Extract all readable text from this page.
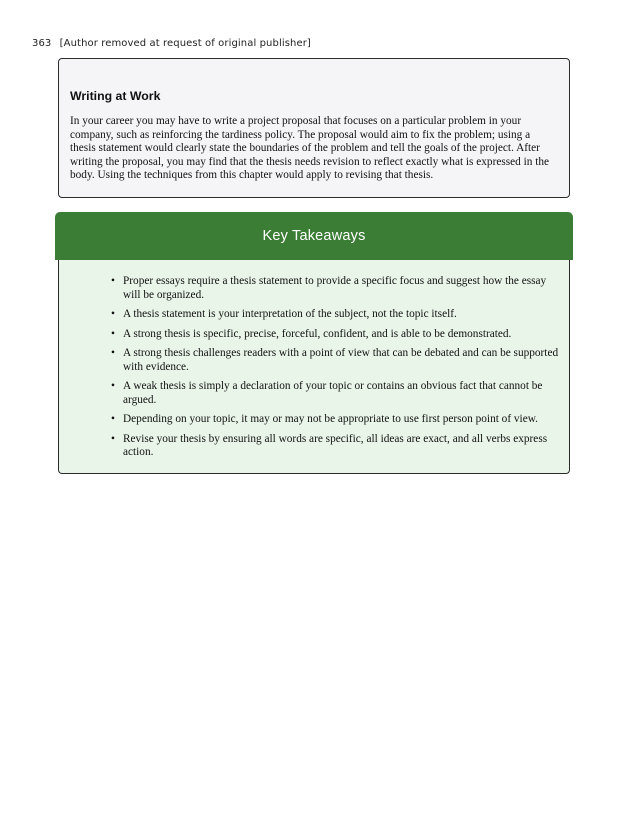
363 [Author removed at request of original publisher]

Writing at Work

In your career you may have to write a project proposal that focuses on a particular problem in your company, such as reinforcing the tardiness policy. The proposal would aim to fix the problem; using a thesis statement would clearly state the boundaries of the problem and tell the goals of the project. After writing the proposal, you may find that the thesis needs revision to reflect exactly what is expressed in the body. Using the techniques from this chapter would apply to revising that thesis.

Key Takeaways
• Proper essays require a thesis statement to provide a specific focus and suggest how the essay will be organized.
• A thesis statement is your interpretation of the subject, not the topic itself.
• A strong thesis is specific, precise, forceful, confident, and is able to be demonstrated.
• A strong thesis challenges readers with a point of view that can be debated and can be supported with evidence.
• A weak thesis is simply a declaration of your topic or contains an obvious fact that cannot be argued.
• Depending on your topic, it may or may not be appropriate to use first person point of view.
• Revise your thesis by ensuring all words are specific, all ideas are exact, and all verbs express action.
